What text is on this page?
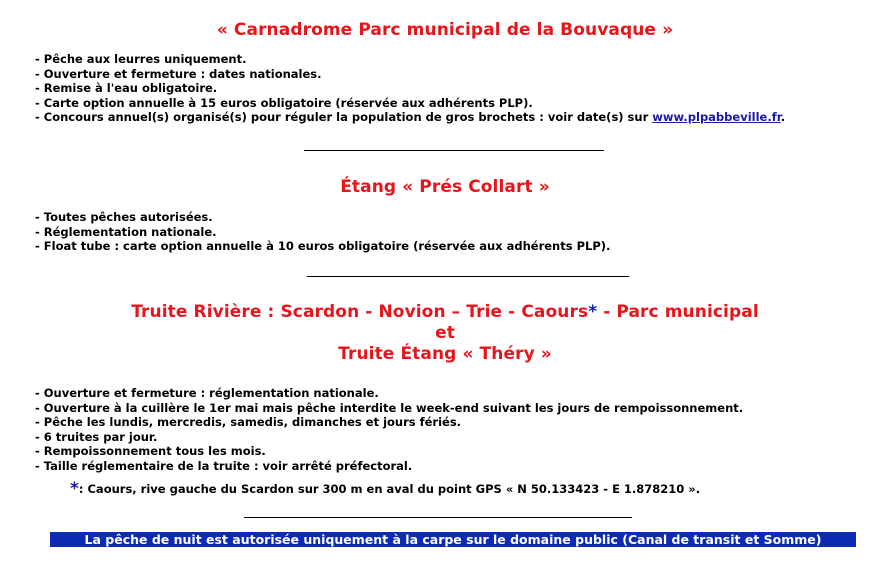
« Carnadrome Parc municipal de la Bouvaque »
- Pêche aux leurres uniquement.
- Ouverture et fermeture : dates nationales.
- Remise à l'eau obligatoire.
- Carte option annuelle à 15 euros obligatoire (réservée aux adhérents PLP).
- Concours annuel(s) organisé(s) pour réguler la population de gros brochets : voir date(s) sur www.plpabbeville.fr.
Étang « Prés Collart »
- Toutes pêches autorisées.
- Réglementation nationale.
- Float tube : carte option annuelle à 10 euros obligatoire (réservée aux adhérents PLP).
Truite Rivière : Scardon - Novion – Trie - Caours* - Parc municipal
et
Truite Étang « Théry »
- Ouverture et fermeture : réglementation nationale.
- Ouverture à la cuillère le 1er mai mais pêche interdite le week-end suivant les jours de rempoissonnement.
- Pêche les lundis, mercredis, samedis, dimanches et jours fériés.
- 6 truites par jour.
- Rempoissonnement tous les mois.
- Taille réglementaire de la truite : voir arrêté préfectoral.
*: Caours, rive gauche du Scardon sur 300 m en aval du point GPS « N 50.133423 - E 1.878210 ».
La pêche de nuit est autorisée uniquement à la carpe sur le domaine public (Canal de transit et Somme)
